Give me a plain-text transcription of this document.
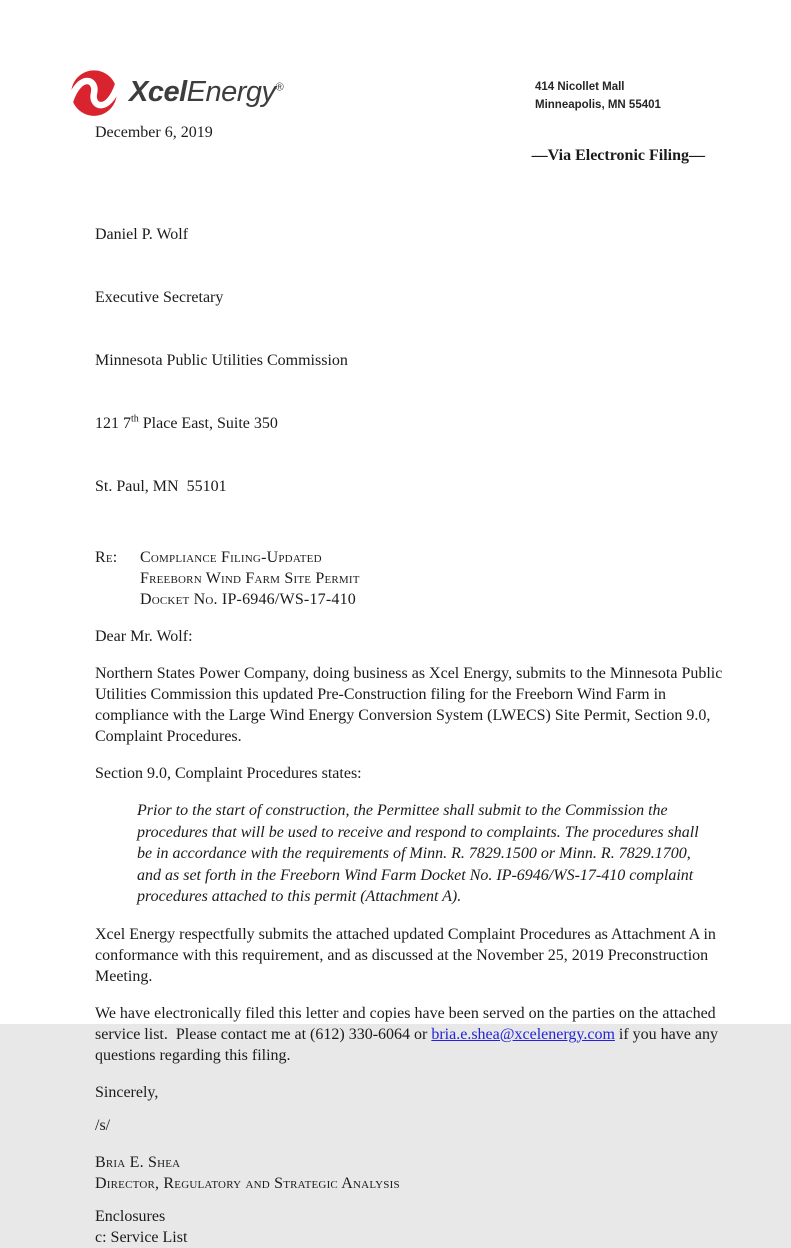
414 Nicollet Mall
Minneapolis, MN 55401
XcelEnergy®
December 6, 2019
—Via Electronic Filing—

Daniel P. Wolf

Executive Secretary

Minnesota Public Utilities Commission

121 7th Place East, Suite 350

St. Paul, MN  55101

Re:	Compliance Filing-Updated
Freeborn Wind Farm Site Permit
Docket No. IP-6946/WS-17-410
Dear Mr. Wolf:

Northern States Power Company, doing business as Xcel Energy, submits to the Minnesota Public Utilities Commission this updated Pre-Construction filing for the Freeborn Wind Farm in compliance with the Large Wind Energy Conversion System (LWECS) Site Permit, Section 9.0, Complaint Procedures.

Section 9.0, Complaint Procedures states:

Prior to the start of construction, the Permittee shall submit to the Commission the procedures that will be used to receive and respond to complaints. The procedures shall be in accordance with the requirements of Minn. R. 7829.1500 or Minn. R. 7829.1700, and as set forth in the Freeborn Wind Farm Docket No. IP-6946/WS-17-410 complaint procedures attached to this permit (Attachment A).

Xcel Energy respectfully submits the attached updated Complaint Procedures as Attachment A in conformance with this requirement, and as discussed at the November 25, 2019 Preconstruction Meeting.

We have electronically filed this letter and copies have been served on the parties on the attached service list.  Please contact me at (612) 330-6064 or bria.e.shea@xcelenergy.com if you have any questions regarding this filing.

Sincerely,
/s/
Bria E. Shea
Director, Regulatory and Strategic Analysis
Enclosures
c: Service List
